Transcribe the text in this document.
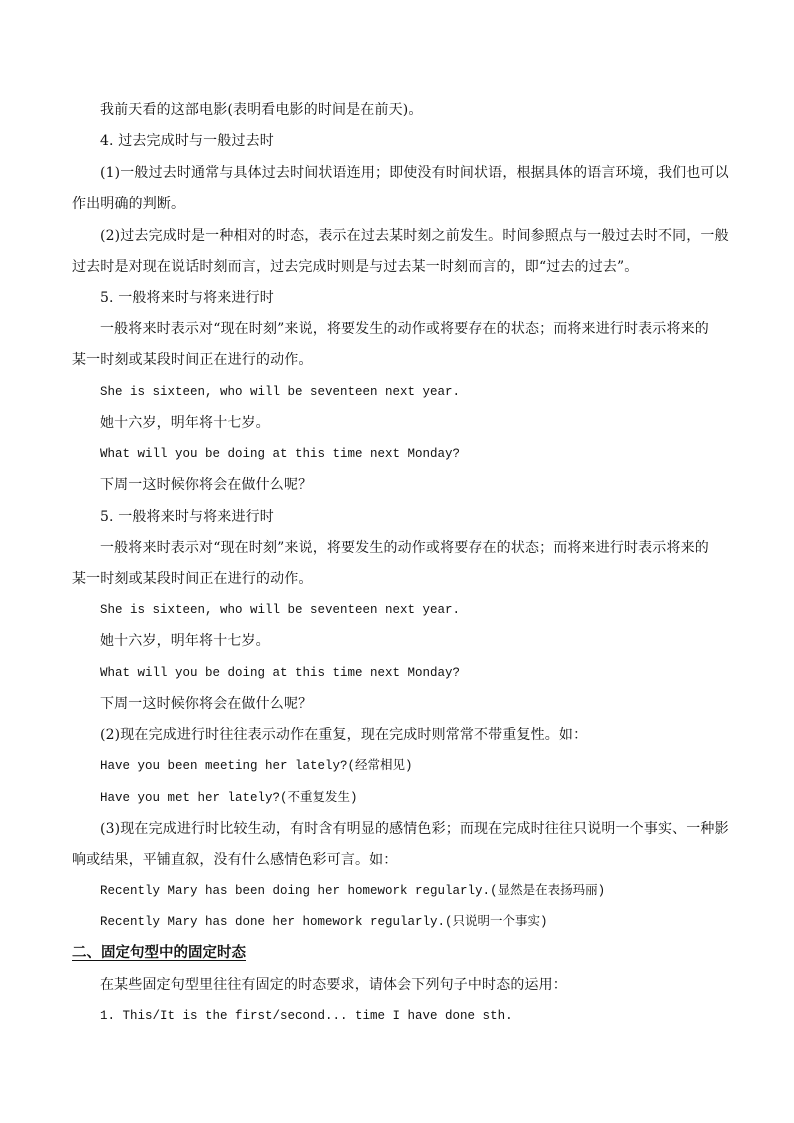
我前天看的这部电影(表明看电影的时间是在前天)。

4. 过去完成时与一般过去时

(1)一般过去时通常与具体过去时间状语连用；即使没有时间状语，根据具体的语言环境，我们也可以

作出明确的判断。

(2)过去完成时是一种相对的时态，表示在过去某时刻之前发生。时间参照点与一般过去时不同，一般

过去时是对现在说话时刻而言，过去完成时则是与过去某一时刻而言的，即“过去的过去”。

5. 一般将来时与将来进行时

一般将来时表示对“现在时刻”来说，将要发生的动作或将要存在的状态；而将来进行时表示将来的

某一时刻或某段时间正在进行的动作。

She is sixteen, who will be seventeen next year.

她十六岁，明年将十七岁。

What will you be doing at this time next Monday?

下周一这时候你将会在做什么呢？

5. 一般将来时与将来进行时

一般将来时表示对“现在时刻”来说，将要发生的动作或将要存在的状态；而将来进行时表示将来的

某一时刻或某段时间正在进行的动作。

She is sixteen, who will be seventeen next year.

她十六岁，明年将十七岁。

What will you be doing at this time next Monday?

下周一这时候你将会在做什么呢？

(2)现在完成进行时往往表示动作在重复，现在完成时则常常不带重复性。如：

Have you been meeting her lately?(经常相见)

Have you met her lately?(不重复发生)

(3)现在完成进行时比较生动，有时含有明显的感情色彩；而现在完成时往往只说明一个事实、一种影

响或结果，平铺直叙，没有什么感情色彩可言。如：

Recently Mary has been doing her homework regularly.(显然是在表扬玛丽)

Recently Mary has done her homework regularly.(只说明一个事实)

二、固定句型中的固定时态

在某些固定句型里往往有固定的时态要求，请体会下列句子中时态的运用：

1. This/It is the first/second... time I have done sth.
